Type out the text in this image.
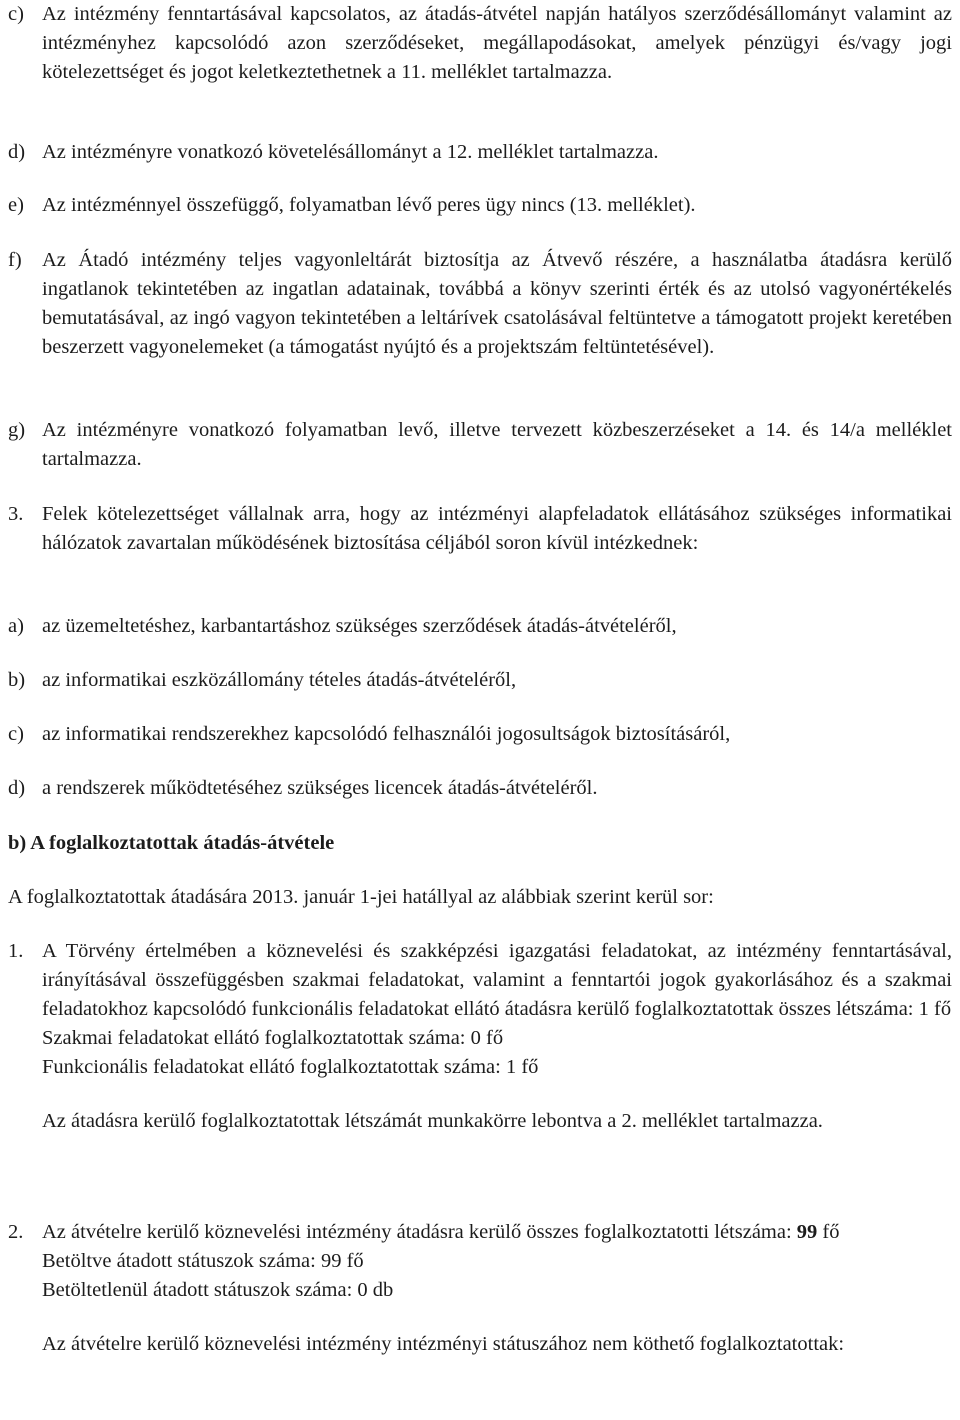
c) Az intézmény fenntartásával kapcsolatos, az átadás-átvétel napján hatályos szerződésállományt valamint az intézményhez kapcsolódó azon szerződéseket, megállapodásokat, amelyek pénzügyi és/vagy jogi kötelezettséget és jogot keletkeztethetnek a 11. melléklet tartalmazza.
d) Az intézményre vonatkozó követelésállományt a 12. melléklet tartalmazza.
e) Az intézménnyel összefüggő, folyamatban lévő peres ügy nincs (13. melléklet).
f) Az Átadó intézmény teljes vagyonleltárát biztosítja az Átvevő részére, a használatba átadásra kerülő ingatlanok tekintetében az ingatlan adatainak, továbbá a könyv szerinti érték és az utolsó vagyonértékelés bemutatásával, az ingó vagyon tekintetében a leltárívek csatolásával feltüntetve a támogatott projekt keretében beszerzett vagyonelemeket (a támogatást nyújtó és a projektszám feltüntetésével).
g) Az intézményre vonatkozó folyamatban levő, illetve tervezett közbeszerzéseket a 14. és 14/a melléklet tartalmazza.
3. Felek kötelezettséget vállalnak arra, hogy az intézményi alapfeladatok ellátásához szükséges informatikai hálózatok zavartalan működésének biztosítása céljából soron kívül intézkednek:
a) az üzemeltetéshez, karbantartáshoz szükséges szerződések átadás-átvételéről,
b) az informatikai eszközállomány tételes átadás-átvételéről,
c) az informatikai rendszerekhez kapcsolódó felhasználói jogosultságok biztosításáról,
d) a rendszerek működtetéséhez szükséges licencek átadás-átvételéről.

b) A foglalkoztatottak átadás-átvétele

A foglalkoztatottak átadására 2013. január 1-jei hatállyal az alábbiak szerint kerül sor:

1. A Törvény értelmében a köznevelési és szakképzési igazgatási feladatokat, az intézmény fenntartásával, irányításával összefüggésben szakmai feladatokat, valamint a fenntartói jogok gyakorlásához és a szakmai feladatokhoz kapcsolódó funkcionális feladatokat ellátó átadásra kerülő foglalkoztatottak összes létszáma: 1 fő
Szakmai feladatokat ellátó foglalkoztatottak száma: 0 fő
Funkcionális feladatokat ellátó foglalkoztatottak száma: 1 fő
Az átadásra kerülő foglalkoztatottak létszámát munkakörre lebontva a 2. melléklet tartalmazza.
2. Az átvételre kerülő köznevelési intézmény átadásra kerülő összes foglalkoztatotti létszáma: 99 fő
Betöltve átadott státuszok száma: 99 fő
Betöltetlenül átadott státuszok száma: 0 db
Az átvételre kerülő köznevelési intézmény intézményi státuszához nem köthető foglalkoztatottak:
